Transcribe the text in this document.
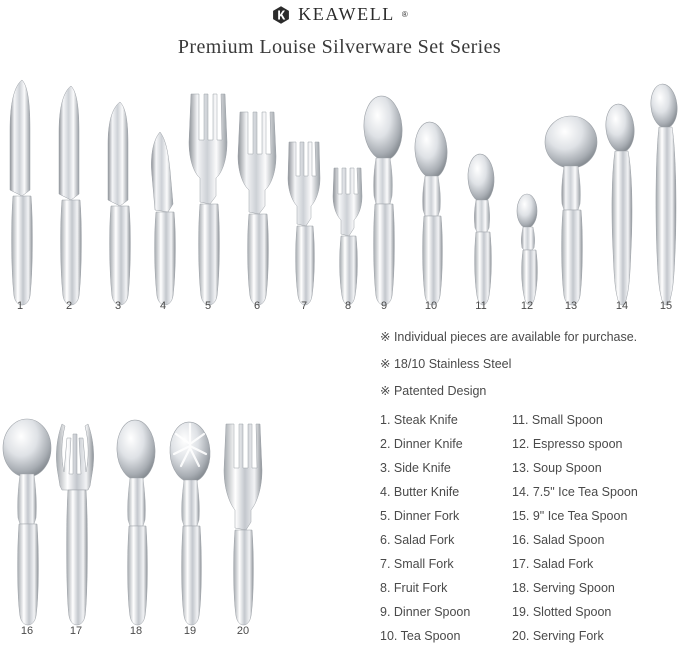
KEAWELL ®
Premium Louise Silverware Set Series
1	2	3	4	5	6	7	8	9	10	11	12	13	14	15
16	17	18	19	20
※ Individual pieces are available for purchase.
※ 18/10 Stainless Steel
※ Patented Design
1. Steak Knife
2. Dinner Knife
3. Side Knife
4. Butter Knife
5. Dinner Fork
6. Salad Fork
7. Small Fork
8. Fruit Fork
9. Dinner Spoon
10. Tea Spoon
11. Small Spoon
12. Espresso spoon
13. Soup Spoon
14. 7.5" Ice Tea Spoon
15. 9" Ice Tea Spoon
16. Salad Spoon
17. Salad Fork
18. Serving Spoon
19. Slotted Spoon
20. Serving Fork
